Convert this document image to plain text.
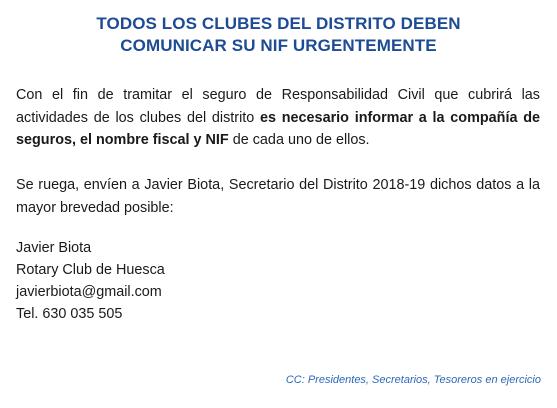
TODOS LOS CLUBES DEL DISTRITO DEBEN
COMUNICAR SU NIF URGENTEMENTE
Con el fin de tramitar el seguro de Responsabilidad Civil que cubrirá las actividades de los clubes del distrito es necesario informar a la compañía de seguros, el nombre fiscal y NIF de cada uno de ellos.
Se ruega, envíen a Javier Biota, Secretario del Distrito 2018-19 dichos datos a la mayor brevedad posible:
Javier Biota
Rotary Club de Huesca
javierbiota@gmail.com
Tel. 630 035 505
CC: Presidentes, Secretarios, Tesoreros en ejercicio
